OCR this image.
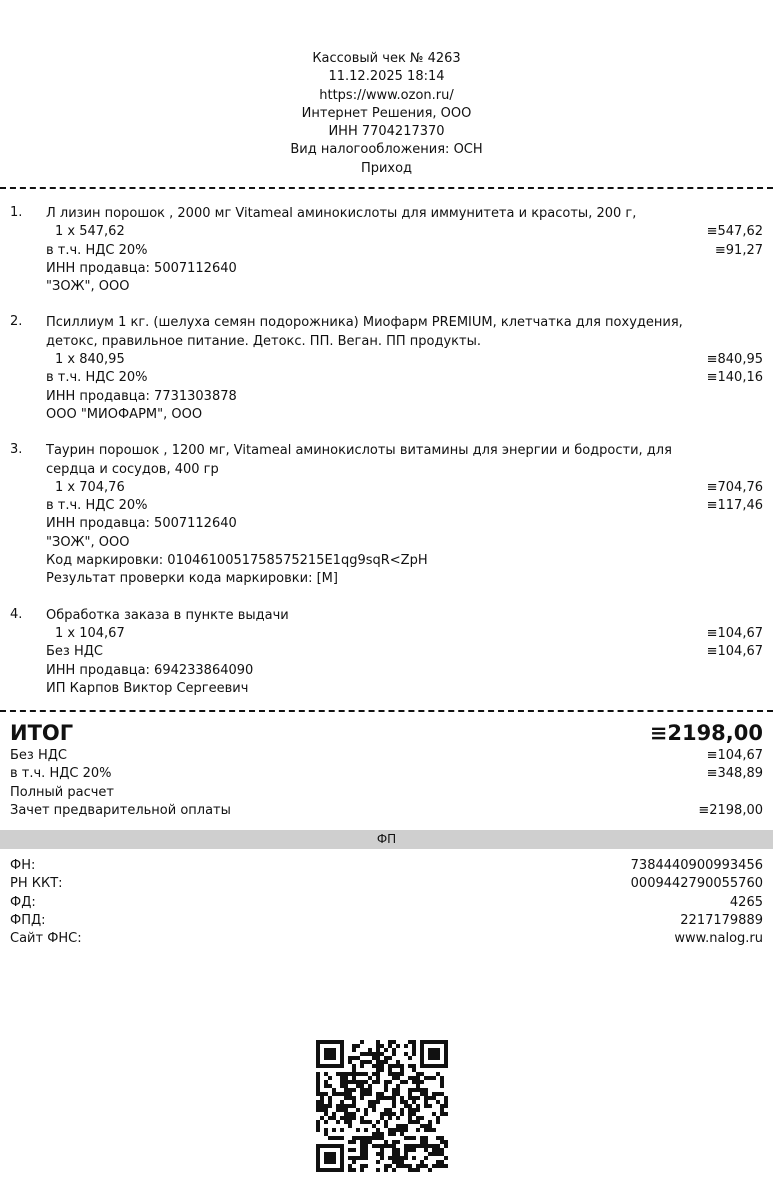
Кассовый чек № 4263
11.12.2025 18:14
https://www.ozon.ru/
Интернет Решения, ООО
ИНН 7704217370
Вид налогообложения: ОСН
Приход
1. Л лизин порошок , 2000 мг Vitameal аминокислоты для иммунитета и красоты, 200 г,
1 x 547,62	≡547,62
в т.ч. НДС 20%	≡91,27
ИНН продавца: 5007112640
"ЗОЖ", ООО
2. Псиллиум 1 кг. (шелуха семян подорожника) Миофарм PREMIUM, клетчатка для похудения,
детокс, правильное питание. Детокс. ПП. Веган. ПП продукты.
1 x 840,95	≡840,95
в т.ч. НДС 20%	≡140,16
ИНН продавца: 7731303878
ООО "МИОФАРМ", ООО
3. Таурин порошок , 1200 мг, Vitameal аминокислоты витамины для энергии и бодрости, для
сердца и сосудов, 400 гр
1 x 704,76	≡704,76
в т.ч. НДС 20%	≡117,46
ИНН продавца: 5007112640
"ЗОЖ", ООО
Код маркировки: 0104610051758575215E1qg9sqR<ZpH
Результат проверки кода маркировки: [M]
4. Обработка заказа в пункте выдачи
1 x 104,67	≡104,67
Без НДС	≡104,67
ИНН продавца: 694233864090
ИП Карпов Виктор Сергеевич
ИТОГ	≡2198,00
Без НДС	≡104,67
в т.ч. НДС 20%	≡348,89
Полный расчет
Зачет предварительной оплаты	≡2198,00
ФП
ФН:	7384440900993456
РН ККТ:	0009442790055760
ФД:	4265
ФПД:	2217179889
Сайт ФНС:	www.nalog.ru
